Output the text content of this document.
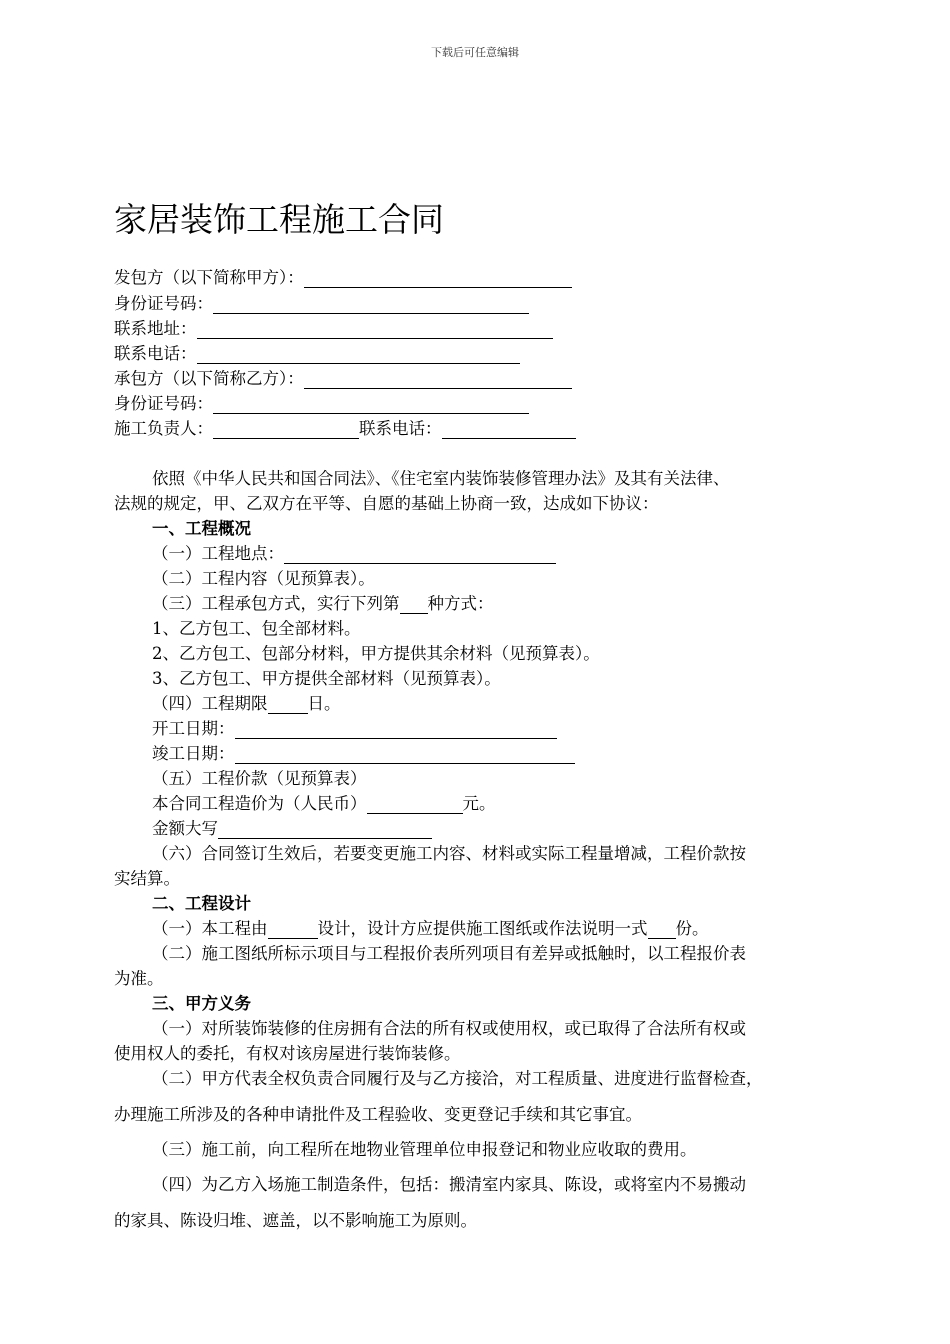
下载后可任意编辑
家居装饰工程施工合同
发包方（以下简称甲方）：
身份证号码：
联系地址：
联系电话：
承包方（以下简称乙方）：
身份证号码：
施工负责人：	联系电话：
依照《中华人民共和国合同法》、《住宅室内装饰装修管理办法》及其有关法律、
法规的规定，甲、乙双方在平等、自愿的基础上协商一致，达成如下协议：
一、工程概况
（一）工程地点：
（二）工程内容（见预算表）。
（三）工程承包方式，实行下列第 种方式：
1、乙方包工、包全部材料。
2、乙方包工、包部分材料，甲方提供其余材料（见预算表）。
3、乙方包工、甲方提供全部材料（见预算表）。
（四）工程期限 日。
开工日期：
竣工日期：
（五）工程价款（见预算表）
本合同工程造价为（人民币）	元。
金额大写
（六）合同签订生效后，若要变更施工内容、材料或实际工程量增减，工程价款按
实结算。
二、工程设计
（一）本工程由	设计，设计方应提供施工图纸或作法说明一式 份。
（二）施工图纸所标示项目与工程报价表所列项目有差异或抵触时，以工程报价表
为准。
三、甲方义务
（一）对所装饰装修的住房拥有合法的所有权或使用权，或已取得了合法所有权或
使用权人的委托，有权对该房屋进行装饰装修。
（二）甲方代表全权负责合同履行及与乙方接洽，对工程质量、进度进行监督检查，
办理施工所涉及的各种申请批件及工程验收、变更登记手续和其它事宜。
（三）施工前，向工程所在地物业管理单位申报登记和物业应收取的费用。
（四）为乙方入场施工制造条件，包括：搬清室内家具、陈设，或将室内不易搬动
的家具、陈设归堆、遮盖，以不影响施工为原则。
